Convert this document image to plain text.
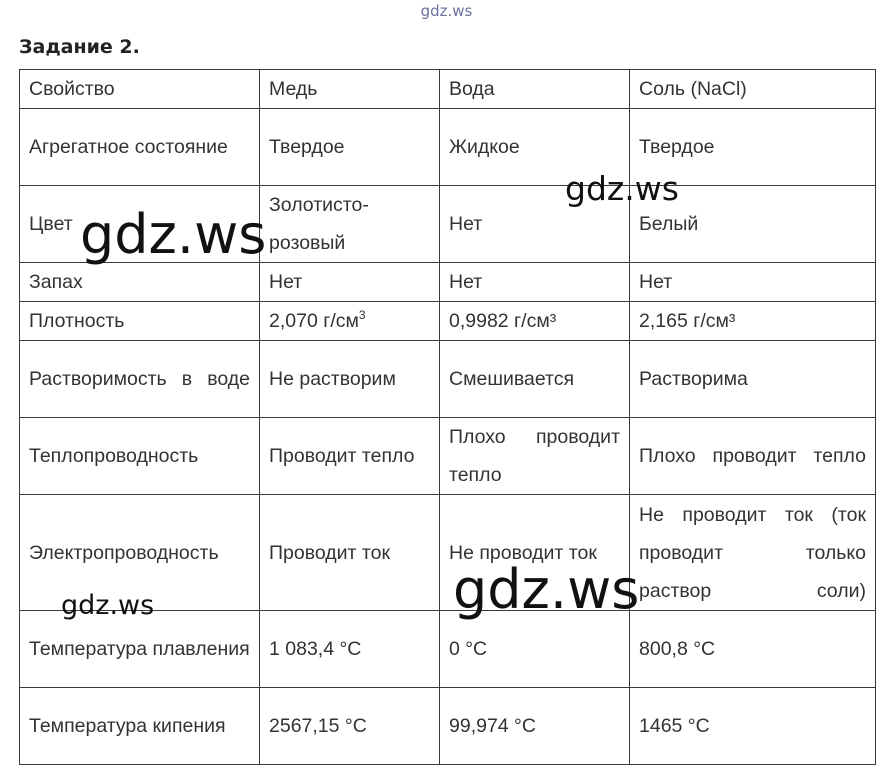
gdz.ws
Задание 2.
Свойство	Медь	Вода	Соль (NaCl)
Агрегатное состояние	Твердое	Жидкое	Твердое
Цвет	Золотисто-розовый	Нет	Белый
Запах	Нет	Нет	Нет
Плотность	2,070 $г/см^3$	0,9982 г/см³	2,165 г/см³
Растворимость в воде	Не растворим	Смешивается	Растворима
Теплопроводность	Проводит тепло	Плохо проводит тепло	Плохо проводит тепло
Электропроводность	Проводит ток	Не проводит ток	Не проводит ток (ток проводит только раствор соли)
Температура плавления	1 083,4 °С	0 °С	800,8 °С
Температура кипения	2567,15 °С	99,974 °С	1465 °С
gdz.ws
gdz.ws
gdz.ws
gdz.ws
